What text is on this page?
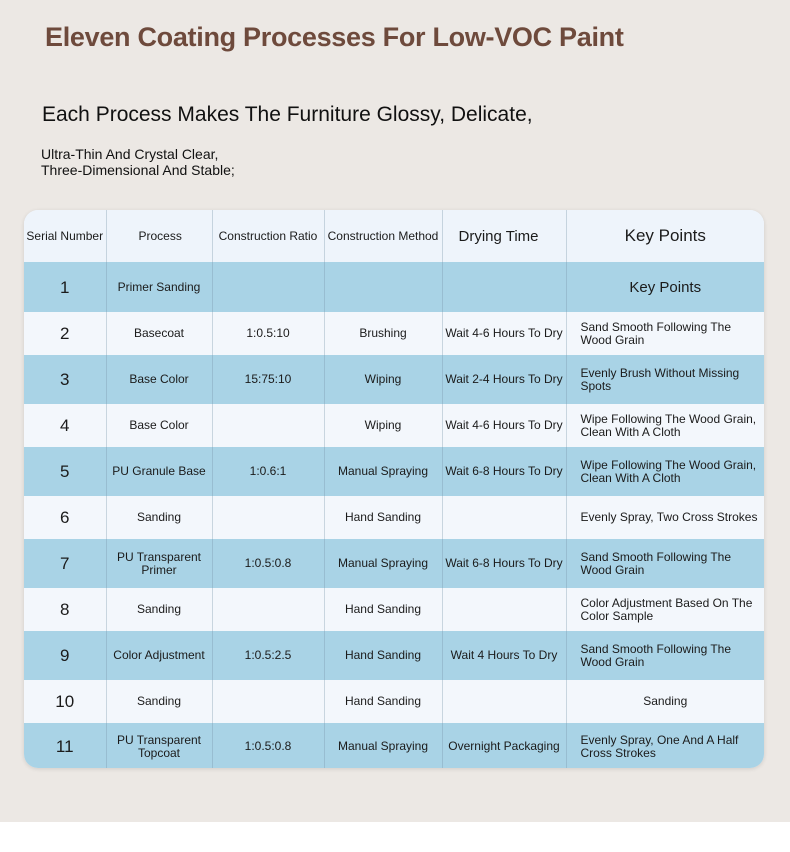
Eleven Coating Processes For Low-VOC Paint
Each Process Makes The Furniture Glossy, Delicate,
Ultra-Thin And Crystal Clear,
Three-Dimensional And Stable;
Serial Number	Process	Construction Ratio	Construction Method	Drying Time	Key Points
1	Primer Sanding				Key Points
2	Basecoat	1:0.5:10	Brushing	Wait 4-6 Hours To Dry	Sand Smooth Following The Wood Grain
3	Base Color	15:75:10	Wiping	Wait 2-4 Hours To Dry	Evenly Brush Without Missing Spots
4	Base Color		Wiping	Wait 4-6 Hours To Dry	Wipe Following The Wood Grain, Clean With A Cloth
5	PU Granule Base	1:0.6:1	Manual Spraying	Wait 6-8 Hours To Dry	Wipe Following The Wood Grain, Clean With A Cloth
6	Sanding		Hand Sanding		Evenly Spray, Two Cross Strokes
7	PU Transparent Primer	1:0.5:0.8	Manual Spraying	Wait 6-8 Hours To Dry	Sand Smooth Following The Wood Grain
8	Sanding		Hand Sanding		Color Adjustment Based On The Color Sample
9	Color Adjustment	1:0.5:2.5	Hand Sanding	Wait 4 Hours To Dry	Sand Smooth Following The Wood Grain
10	Sanding		Hand Sanding		Sanding
11	PU Transparent Topcoat	1:0.5:0.8	Manual Spraying	Overnight Packaging	Evenly Spray, One And A Half Cross Strokes
